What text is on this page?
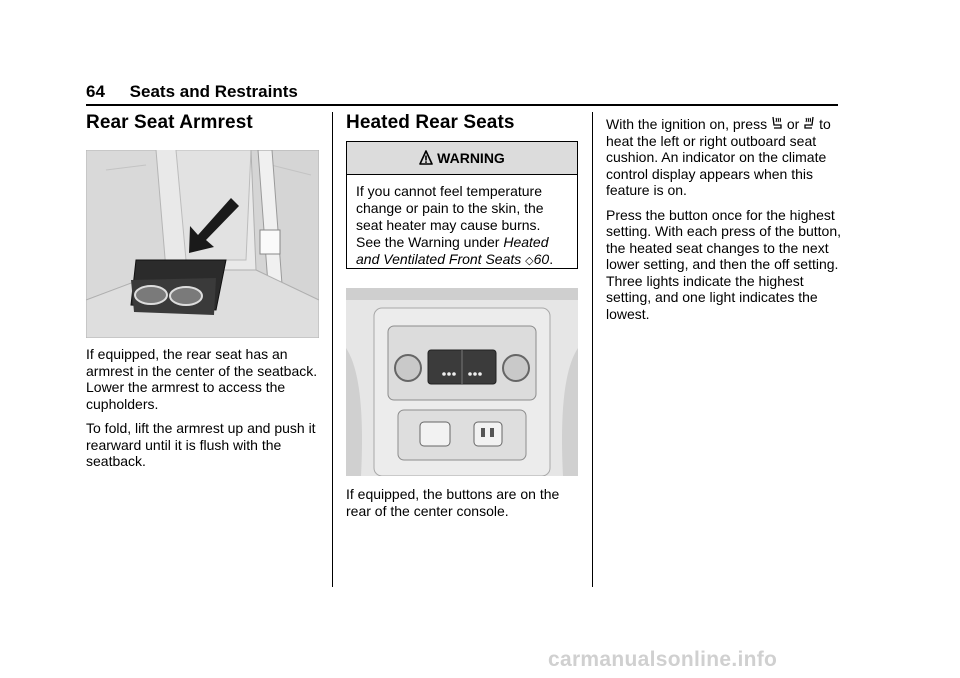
64 Seats and Restraints
Rear Seat Armrest

If equipped, the rear seat has an armrest in the center of the seatback. Lower the armrest to access the cupholders.

To fold, lift the armrest up and push it rearward until it is flush with the seatback.

Heated Rear Seats
WARNING
If you cannot feel temperature change or pain to the skin, the seat heater may cause burns. See the Warning under Heated and Ventilated Front Seats ◇60.

If equipped, the buttons are on the rear of the center console.

With the ignition on, press or to heat the left or right outboard seat cushion. An indicator on the climate control display appears when this feature is on.

Press the button once for the highest setting. With each press of the button, the heated seat changes to the next lower setting, and then the off setting. Three lights indicate the highest setting, and one light indicates the lowest.

carmanualsonline.info
